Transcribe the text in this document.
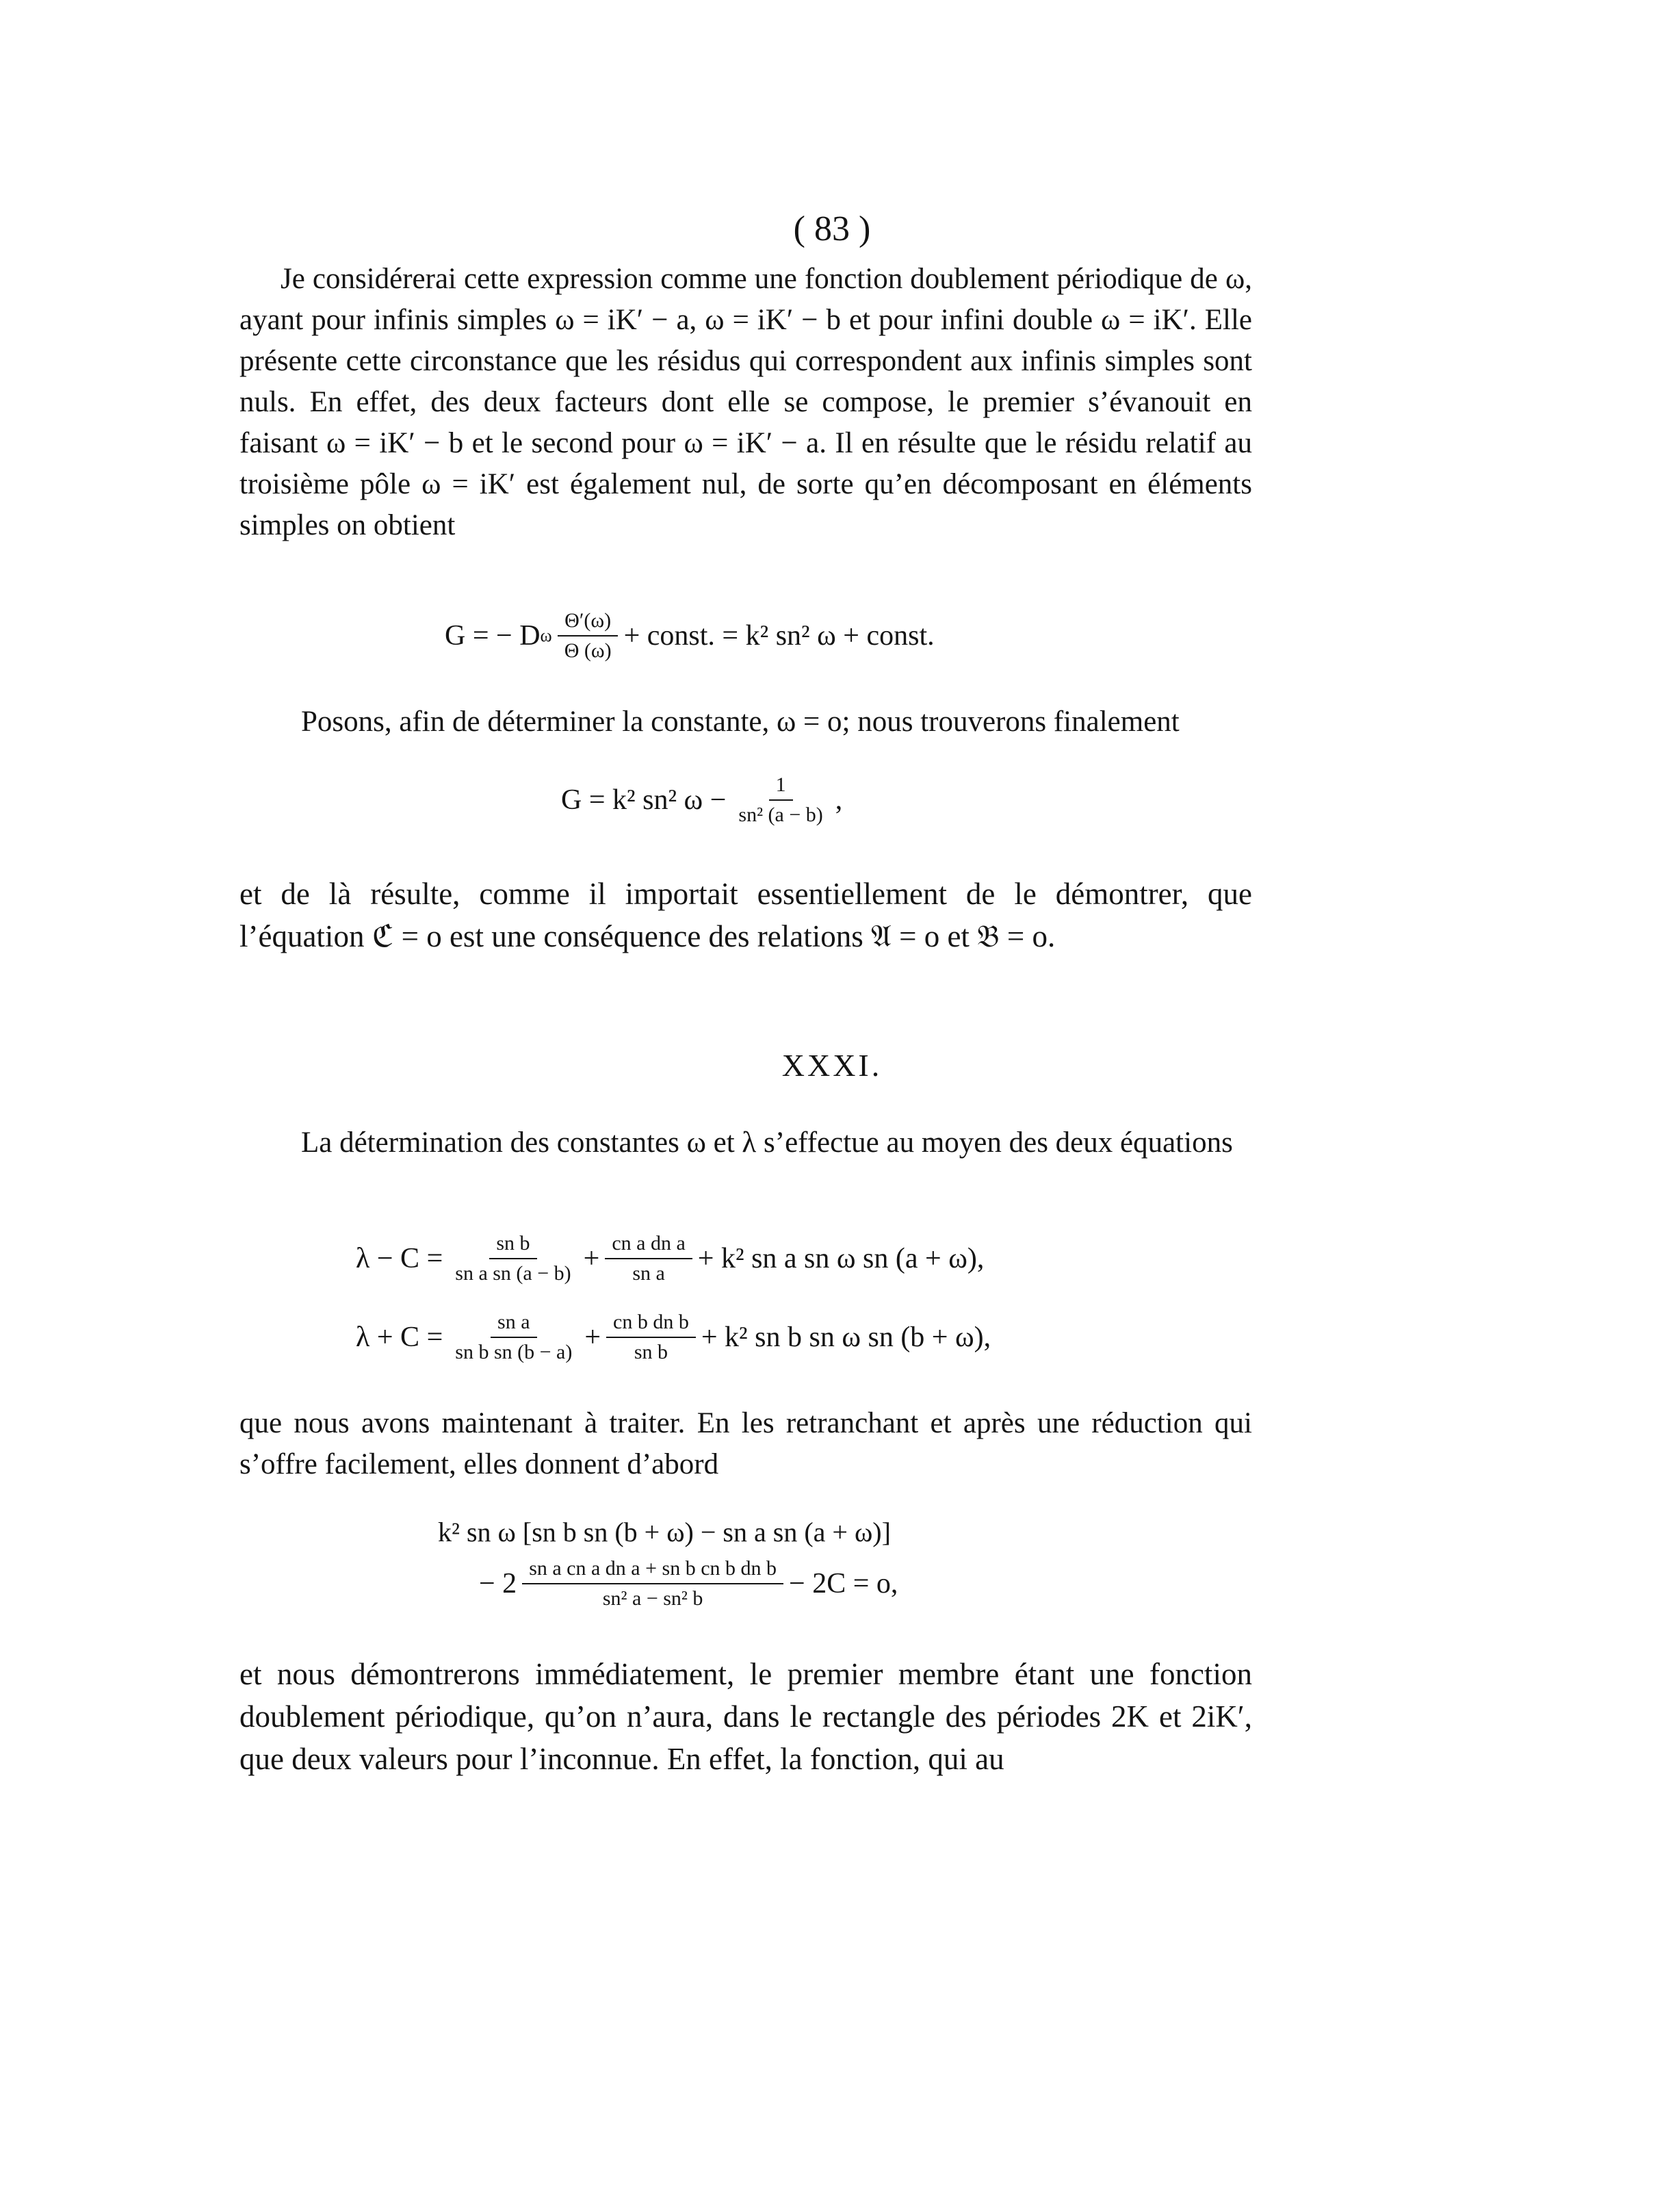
( 83 )

Je considérerai cette expression comme une fonction doublement périodique de ω, ayant pour infinis simples ω = iK′ − a, ω = iK′ − b et pour infini double ω = iK′. Elle présente cette circonstance que les résidus qui correspondent aux infinis simples sont nuls. En effet, des deux facteurs dont elle se compose, le premier s’évanouit en faisant ω = iK′ − b et le second pour ω = iK′ − a. Il en résulte que le résidu relatif au troisième pôle ω = iK′ est également nul, de sorte qu’en décomposant en éléments simples on obtient

G = − D ω $\frac{\Theta'(\omega)}{\Theta (\omega)}$ + const. = k² sn² ω + const.

Posons, afin de déterminer la constante, ω = o; nous trouverons finalement

G = k² sn² $\omega - \frac{1}{\text{sn² (a − b)}}$ ,

et de là résulte, comme il importait essentiellement de le démontrer, que l’équation ℭ = o est une conséquence des relations 𝔄 = o et 𝔅 = o.

XXXI.

La détermination des constantes ω et λ s’effectue au moyen des deux équations

$\lambda - C = \frac{\text{sn b}}{\text{sn a sn (a − b)}} + \frac{\text{cn a dn a}}{\text{sn a}} + k^2$ sn a sn ω sn (a + ω),
$\lambda + C = \frac{\text{sn a}}{\text{sn b sn (b − a)}} + \frac{\text{cn b dn b}}{\text{sn b}} + k^2$ sn b sn ω sn (b + ω),

que nous avons maintenant à traiter. En les retranchant et après une réduction qui s’offre facilement, elles donnent d’abord

k² sn ω [sn b sn (b + ω) − sn a sn (a + ω)]
− $2 \frac{\text{sn a cn a dn a + sn b cn b dn b}}{\text{sn² a − sn² b}} - 2C = o$,

et nous démontrerons immédiatement, le premier membre étant une fonction doublement périodique, qu’on n’aura, dans le rectangle des périodes 2K et 2iK′, que deux valeurs pour l’inconnue. En effet, la fonction, qui au
